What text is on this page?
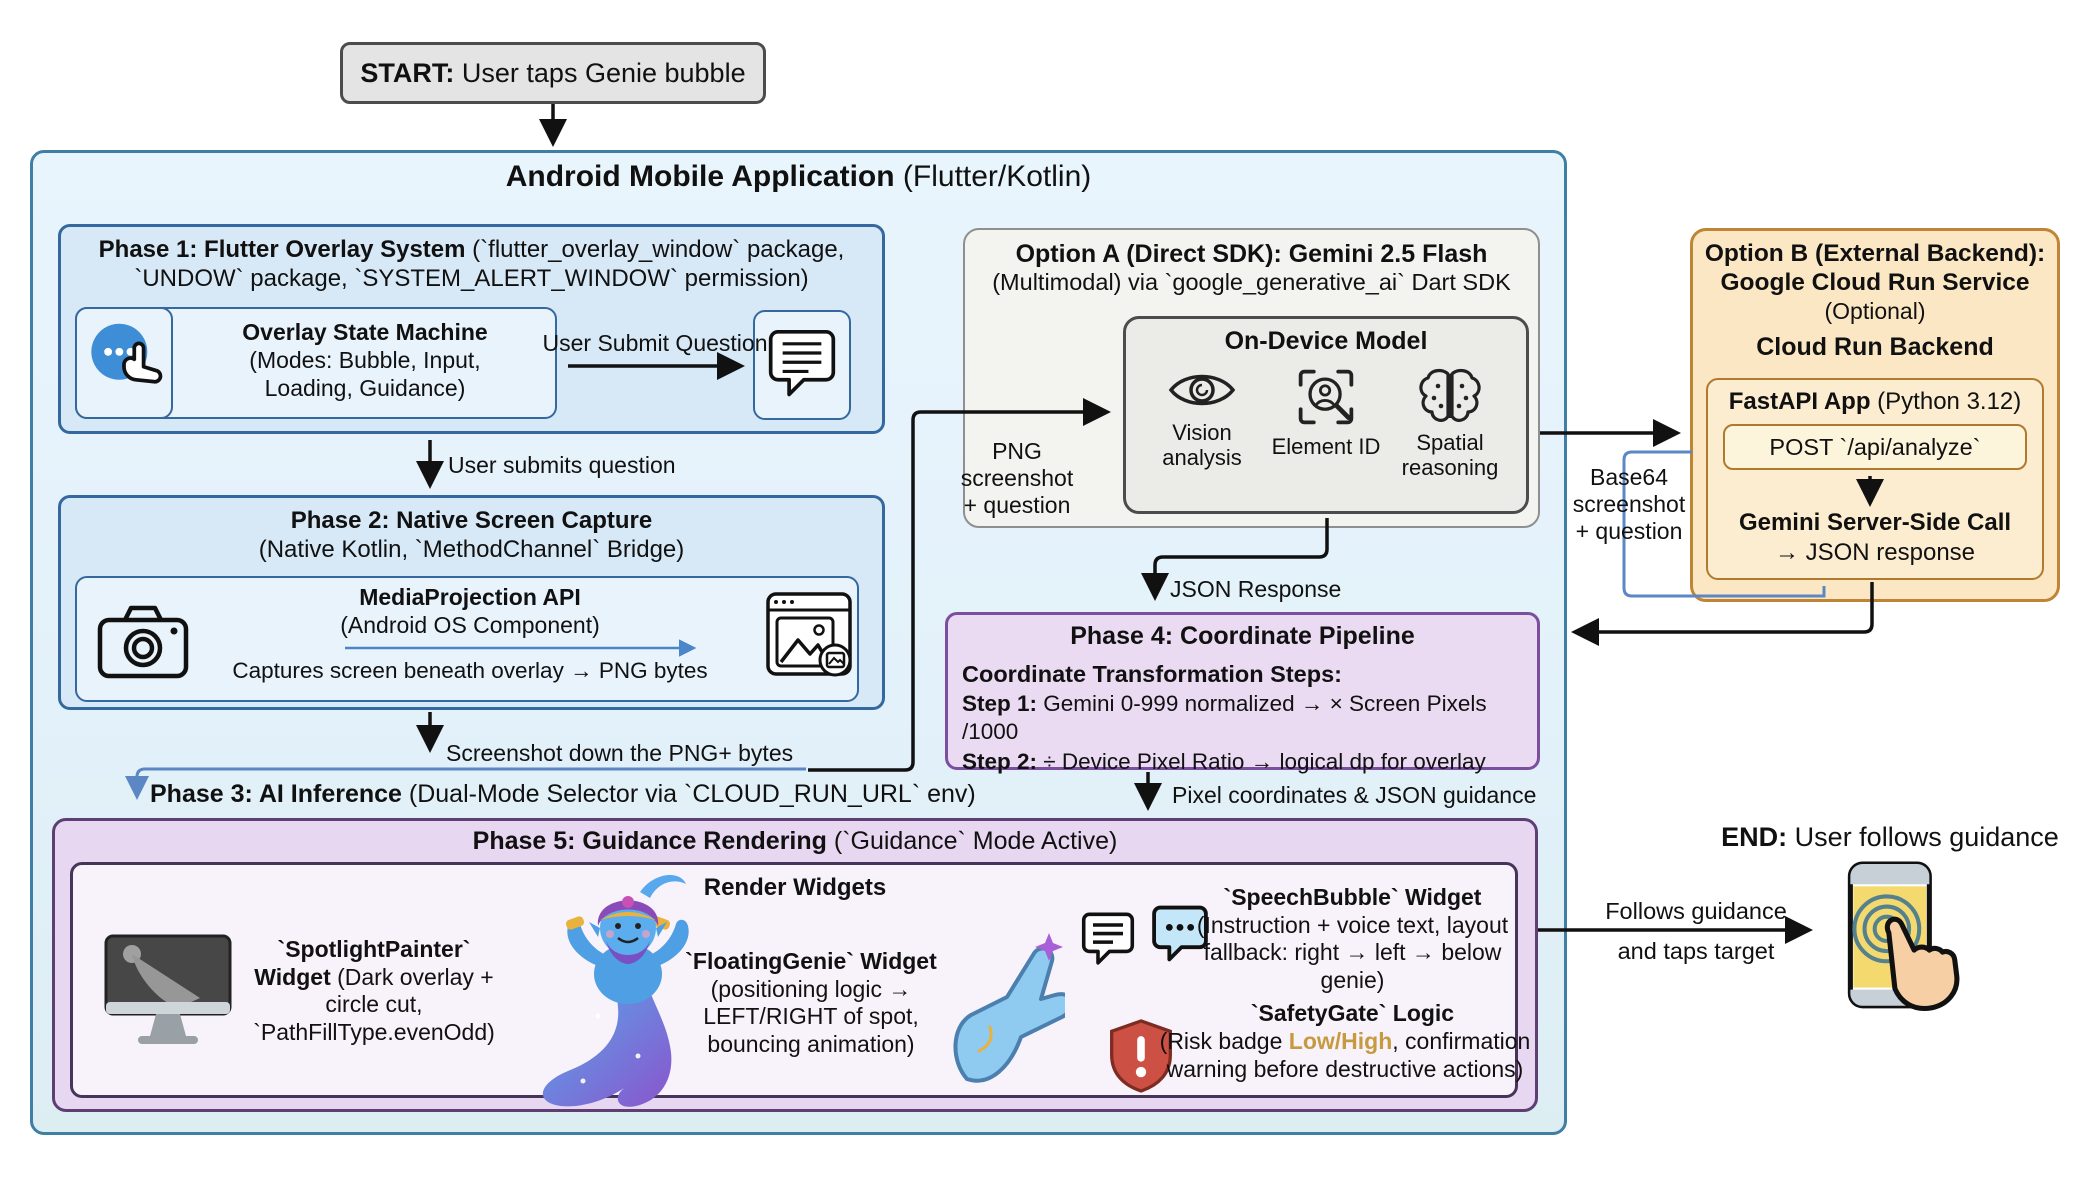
START: User taps Genie bubble
Android Mobile Application (Flutter/Kotlin)
Phase 1: Flutter Overlay System (`flutter_overlay_window` package,
`UNDOW` package, `SYSTEM_ALERT_WINDOW` permission)
Overlay State Machine
(Modes: Bubble, Input,
Loading, Guidance)
Phase 2: Native Screen Capture
(Native Kotlin, `MethodChannel` Bridge)
MediaProjection API
(Android OS Component)
Captures screen beneath overlay → PNG bytes
Phase 3: AI Inference (Dual-Mode Selector via `CLOUD_RUN_URL` env)
Option A (Direct SDK): Gemini 2.5 Flash
(Multimodal) via `google_generative_ai` Dart SDK
On-Device Model
Vision
analysis Element ID	Spatial
reasoning
Option B (External Backend):
Google Cloud Run Service
(Optional)
Cloud Run Backend
FastAPI App (Python 3.12)
POST `/api/analyze`
Gemini Server-Side Call
→ JSON response
Phase 4: Coordinate Pipeline
Coordinate Transformation Steps:
Step 1: Gemini 0-999 normalized → × Screen Pixels /1000
Step 2: ÷ Device Pixel Ratio → logical dp for overlay
Phase 5: Guidance Rendering (`Guidance` Mode Active)
Render Widgets
`SpotlightPainter` Widget (Dark overlay + circle cut, `PathFillType.evenOdd)
`FloatingGenie` Widget
(positioning logic → LEFT/RIGHT of spot, bouncing animation)
`SpeechBubble` Widget
(Instruction + voice text, layout fallback: right → left → below genie)
`SafetyGate` Logic
(Risk badge Low/High, confirmation warning before destructive actions)
END: User follows guidance
User Submit Question
User submits question
Screenshot down the PNG+ bytes
PNG screenshot
+ question
JSON Response
Pixel coordinates & JSON guidance
Base64
screenshot
+ question
Follows guidance
and taps target
